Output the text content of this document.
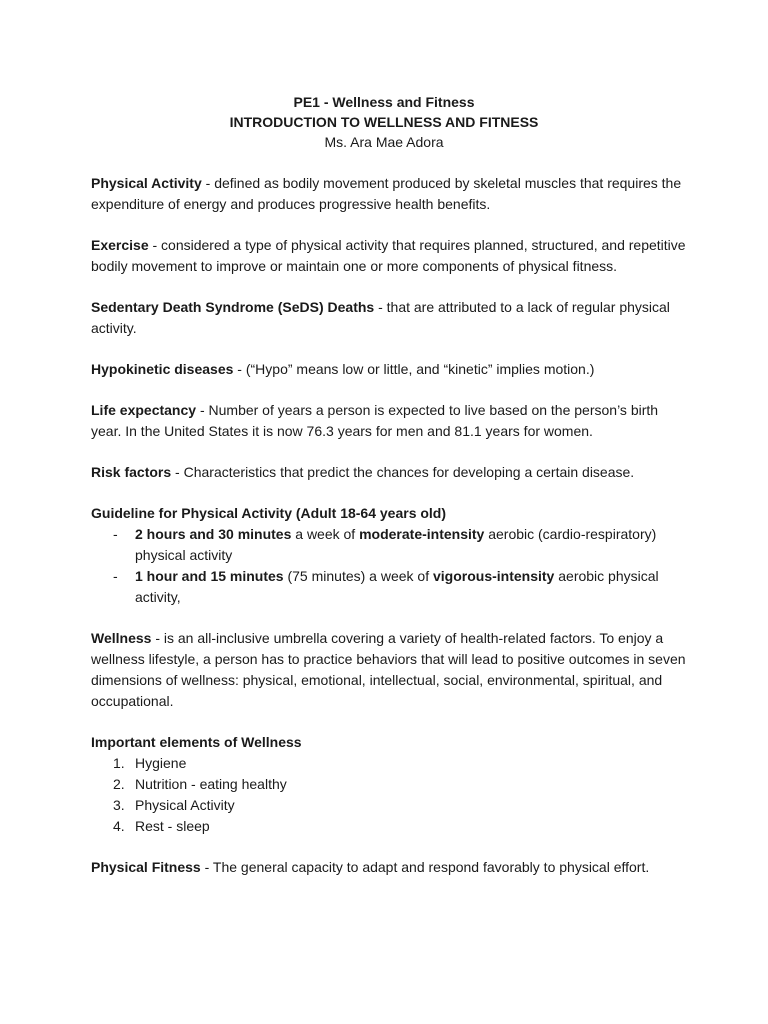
PE1 - Wellness and Fitness
INTRODUCTION TO WELLNESS AND FITNESS
Ms. Ara Mae Adora

Physical Activity - defined as bodily movement produced by skeletal muscles that requires the expenditure of energy and produces progressive health benefits.

Exercise - considered a type of physical activity that requires planned, structured, and repetitive bodily movement to improve or maintain one or more components of physical fitness.

Sedentary Death Syndrome (SeDS) Deaths - that are attributed to a lack of regular physical activity.

Hypokinetic diseases - (“Hypo” means low or little, and “kinetic” implies motion.)

Life expectancy - Number of years a person is expected to live based on the person’s birth year. In the United States it is now 76.3 years for men and 81.1 years for women.

Risk factors - Characteristics that predict the chances for developing a certain disease.

Guideline for Physical Activity (Adult 18-64 years old)
- 2 hours and 30 minutes a week of moderate-intensity aerobic (cardio-respiratory) physical activity
- 1 hour and 15 minutes (75 minutes) a week of vigorous-intensity aerobic physical activity,

Wellness - is an all-inclusive umbrella covering a variety of health-related factors. To enjoy a wellness lifestyle, a person has to practice behaviors that will lead to positive outcomes in seven dimensions of wellness: physical, emotional, intellectual, social, environmental, spiritual, and occupational.

Important elements of Wellness
1. Hygiene
2. Nutrition - eating healthy
3. Physical Activity
4. Rest - sleep

Physical Fitness - The general capacity to adapt and respond favorably to physical effort.
